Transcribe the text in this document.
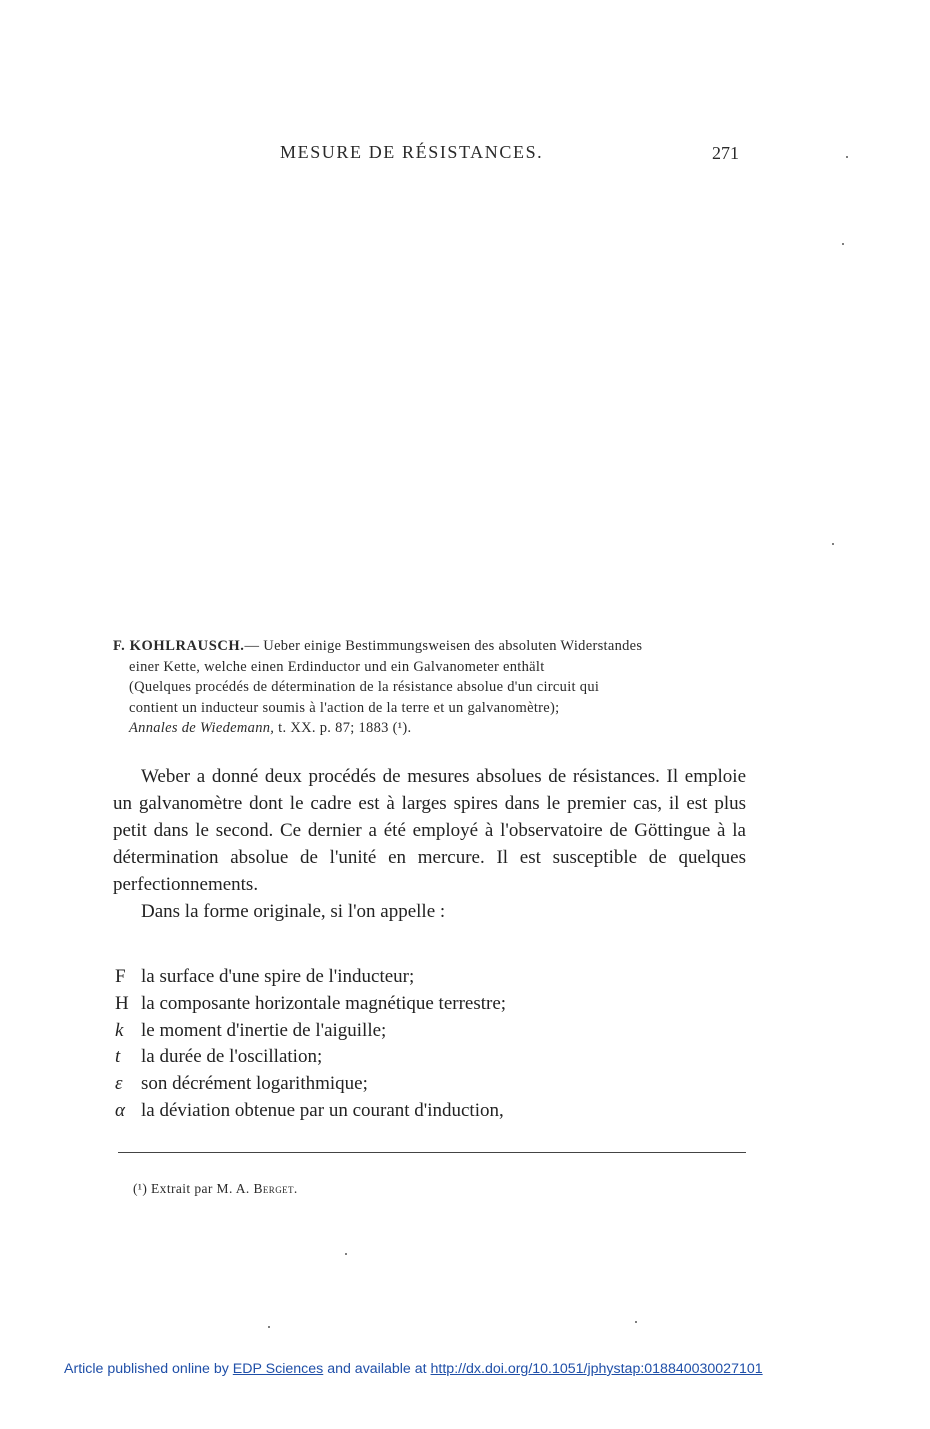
MESURE DE RÉSISTANCES.	271
F. KOHLRAUSCH.— Ueber einige Bestimmungsweisen des absoluten Widerstandes
einer Kette, welche einen Erdinductor und ein Galvanometer enthält
(Quelques procédés de détermination de la résistance absolue d'un circuit qui
contient un inducteur soumis à l'action de la terre et un galvanomètre);
Annales de Wiedemann, t. XX. p. 87; 1883 (¹).

Weber a donné deux procédés de mesures absolues de résistances. Il emploie un galvanomètre dont le cadre est à larges spires dans le premier cas, il est plus petit dans le second. Ce dernier a été employé à l'observatoire de Göttingue à la détermination absolue de l'unité en mercure. Il est susceptible de quelques perfectionnements.

Dans la forme originale, si l'on appelle :

F la surface d'une spire de l'inducteur;
H la composante horizontale magnétique terrestre;
k le moment d'inertie de l'aiguille;
t	la durée de l'oscillation;
ε son décrément logarithmique;
α la déviation obtenue par un courant d'induction,
(¹) Extrait par M. A. Berget.
Article published online by EDP Sciences and available at http://dx.doi.org/10.1051/jphystap:018840030027101
